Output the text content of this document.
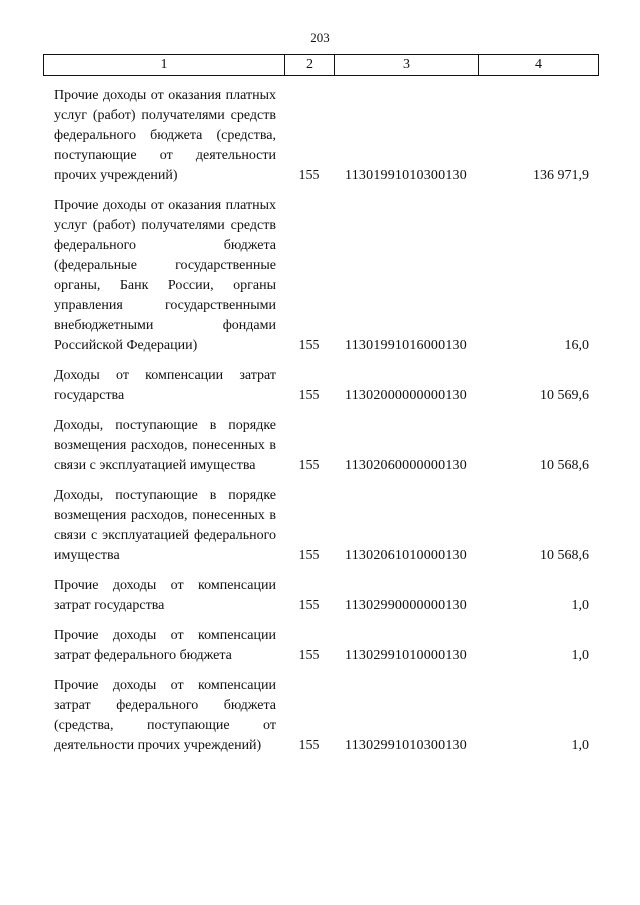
203
1	2	3	4
Прочие доходы от оказания платных услуг (работ) получателями средств федерального бюджета (средства, поступающие от деятельности прочих учреждений)	155	11301991010300130	136 971,9
Прочие доходы от оказания платных услуг (работ) получателями средств федерального бюджета (федеральные государственные органы, Банк России, органы управления государственными внебюджетными фондами Российской Федерации)	155	11301991016000130	16,0
Доходы от компенсации затрат государства	155	11302000000000130	10 569,6
Доходы, поступающие в порядке возмещения расходов, понесенных в связи с эксплуатацией имущества	155	11302060000000130	10 568,6
Доходы, поступающие в порядке возмещения расходов, понесенных в связи с эксплуатацией федерального имущества	155	11302061010000130	10 568,6
Прочие доходы от компенсации затрат государства	155	11302990000000130	1,0
Прочие доходы от компенсации затрат федерального бюджета	155	11302991010000130	1,0
Прочие доходы от компенсации затрат федерального бюджета (средства, поступающие от деятельности прочих учреждений)	155	11302991010300130	1,0
